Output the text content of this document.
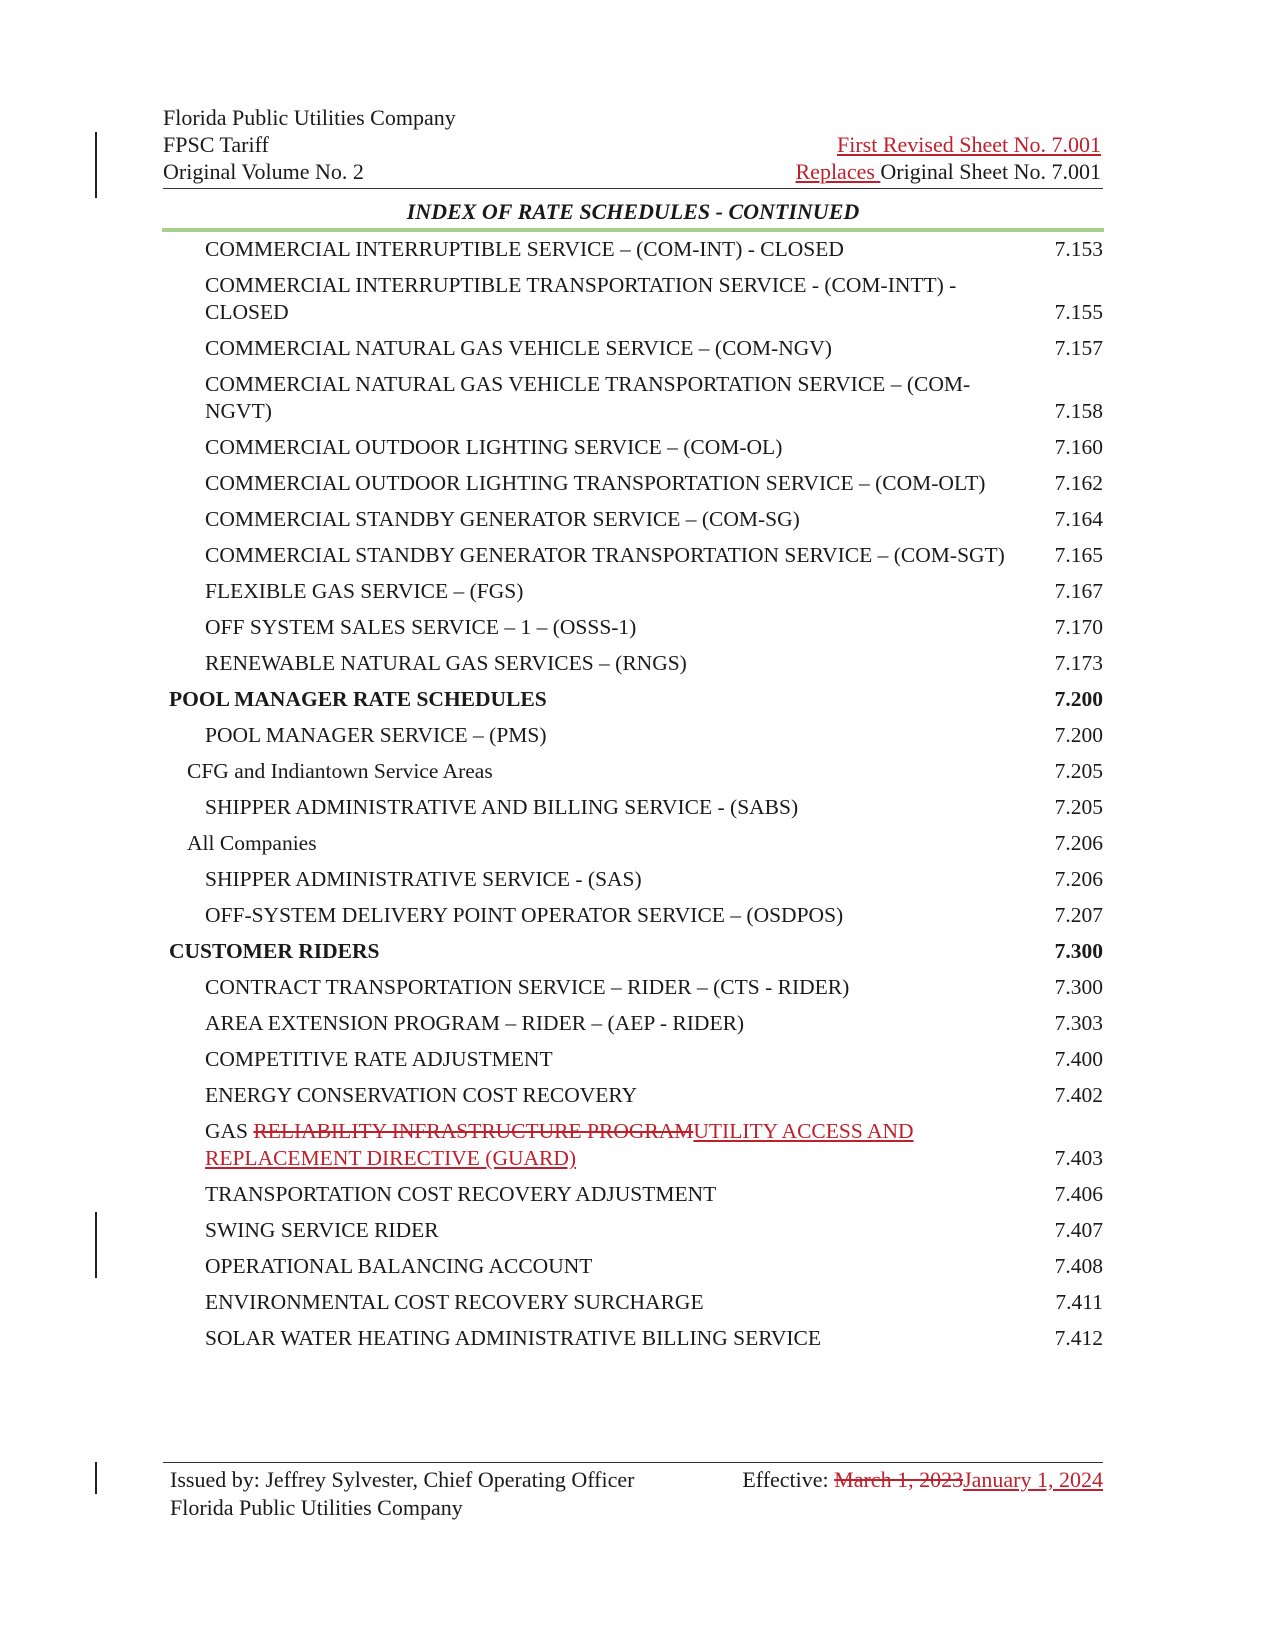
Florida Public Utilities Company
FPSC Tariff	First Revised Sheet No. 7.001
Original Volume No. 2	Replaces Original Sheet No. 7.001
INDEX OF RATE SCHEDULES - CONTINUED
COMMERCIAL INTERRUPTIBLE SERVICE – (COM-INT) - CLOSED	7.153
COMMERCIAL INTERRUPTIBLE TRANSPORTATION SERVICE - (COM-INTT) - CLOSED	7.155
COMMERCIAL NATURAL GAS VEHICLE SERVICE – (COM-NGV)	7.157
COMMERCIAL NATURAL GAS VEHICLE TRANSPORTATION SERVICE – (COM-NGVT)	7.158
COMMERCIAL OUTDOOR LIGHTING SERVICE – (COM-OL)	7.160
COMMERCIAL OUTDOOR LIGHTING TRANSPORTATION SERVICE – (COM-OLT)	7.162
COMMERCIAL STANDBY GENERATOR SERVICE – (COM-SG)	7.164
COMMERCIAL STANDBY GENERATOR TRANSPORTATION SERVICE – (COM-SGT)	7.165
FLEXIBLE GAS SERVICE – (FGS)	7.167
OFF SYSTEM SALES SERVICE – 1 – (OSSS-1)	7.170
RENEWABLE NATURAL GAS SERVICES – (RNGS)	7.173
POOL MANAGER RATE SCHEDULES	7.200
POOL MANAGER SERVICE – (PMS)	7.200
CFG and Indiantown Service Areas	7.205
SHIPPER ADMINISTRATIVE AND BILLING SERVICE - (SABS)	7.205
All Companies	7.206
SHIPPER ADMINISTRATIVE SERVICE - (SAS)	7.206
OFF-SYSTEM DELIVERY POINT OPERATOR SERVICE – (OSDPOS)	7.207
CUSTOMER RIDERS	7.300
CONTRACT TRANSPORTATION SERVICE – RIDER – (CTS - RIDER)	7.300
AREA EXTENSION PROGRAM – RIDER – (AEP - RIDER)	7.303
COMPETITIVE RATE ADJUSTMENT	7.400
ENERGY CONSERVATION COST RECOVERY	7.402
GAS RELIABILITY INFRASTRUCTURE PROGRAMUTILITY ACCESS AND REPLACEMENT DIRECTIVE (GUARD)	7.403
TRANSPORTATION COST RECOVERY ADJUSTMENT	7.406
SWING SERVICE RIDER	7.407
OPERATIONAL BALANCING ACCOUNT	7.408
ENVIRONMENTAL COST RECOVERY SURCHARGE	7.411
SOLAR WATER HEATING ADMINISTRATIVE BILLING SERVICE	7.412
Issued by: Jeffrey Sylvester, Chief Operating Officer	Effective: March 1, 2023January 1, 2024
Florida Public Utilities Company
